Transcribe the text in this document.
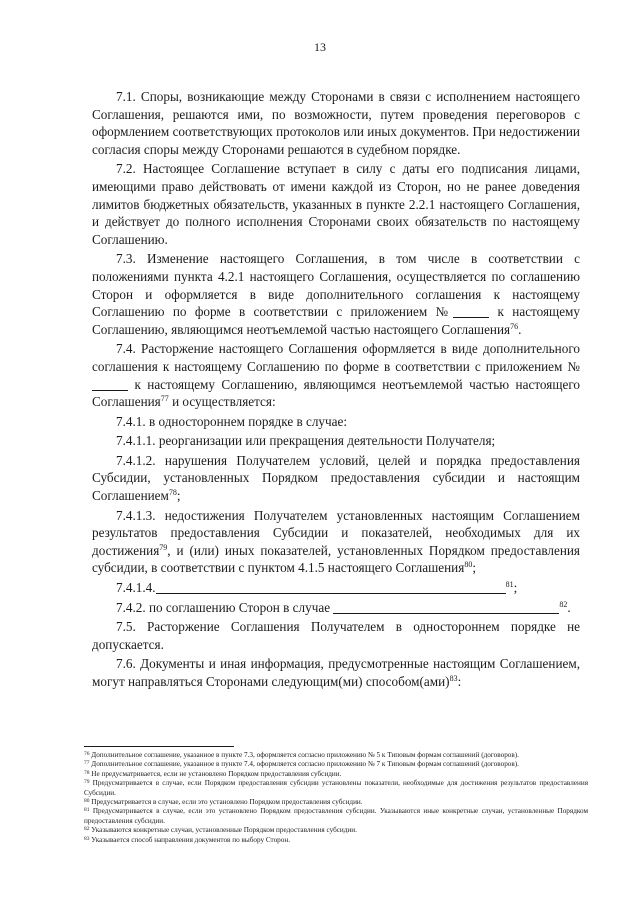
13

7.1. Споры, возникающие между Сторонами в связи с исполнением настоящего Соглашения, решаются ими, по возможности, путем проведения переговоров с оформлением соответствующих протоколов или иных документов. При недостижении согласия споры между Сторонами решаются в судебном порядке.

7.2. Настоящее Соглашение вступает в силу с даты его подписания лицами, имеющими право действовать от имени каждой из Сторон, но не ранее доведения лимитов бюджетных обязательств, указанных в пункте 2.2.1 настоящего Соглашения, и действует до полного исполнения Сторонами своих обязательств по настоящему Соглашению.

7.3. Изменение настоящего Соглашения, в том числе в соответствии с положениями пункта 4.2.1 настоящего Соглашения, осуществляется по соглашению Сторон и оформляется в виде дополнительного соглашения к настоящему Соглашению по форме в соответствии с приложением №	к настоящему Соглашению, являющимся неотъемлемой частью настоящего Соглашения$^{76}$.

7.4. Расторжение настоящего Соглашения оформляется в виде дополнительного соглашения к настоящему Соглашению по форме в соответствии с приложением № к настоящему Соглашению, являющимся неотъемлемой частью настоящего Соглашения$^{77}$ и осуществляется:

7.4.1. в одностороннем порядке в случае:

7.4.1.1. реорганизации или прекращения деятельности Получателя;

7.4.1.2. нарушения Получателем условий, целей и порядка предоставления Субсидии, установленных Порядком предоставления субсидии и настоящим Соглашением$^{78}$;

7.4.1.3. недостижения Получателем установленных настоящим Соглашением результатов предоставления Субсидии и показателей, необходимых для их достижения$^{79}$, и (или) иных показателей, установленных Порядком предоставления субсидии, в соответствии с пунктом 4.1.5 настоящего Соглашения$^{80}$;

7.4.1.4.	$^{81}$;

7.4.2. по соглашению Сторон в случае	$^{82}$.

7.5. Расторжение Соглашения Получателем в одностороннем порядке не допускается.

7.6. Документы и иная информация, предусмотренные настоящим Соглашением, могут направляться Сторонами следующим(ми) способом(ами)$^{83}$:

$^{76}$ Дополнительное соглашение, указанное в пункте 7.3, оформляется согласно приложению № 5 к Типовым формам соглашений (договоров).

$^{77}$ Дополнительное соглашение, указанное в пункте 7.4, оформляется согласно приложению № 7 к Типовым формам соглашений (договоров).

$^{78}$ Не предусматривается, если не установлено Порядком предоставления субсидии.

$^{79}$ Предусматривается в случае, если Порядком предоставления субсидии установлены показатели, необходимые для достижения результатов предоставления Субсидии.

$^{80}$ Предусматривается в случае, если это установлено Порядком предоставления субсидии.

$^{81}$ Предусматривается в случае, если это установлено Порядком предоставления субсидии. Указываются иные конкретные случаи, установленные Порядком предоставления субсидии.

$^{82}$ Указываются конкретные случаи, установленные Порядком предоставления субсидии.

$^{83}$ Указывается способ направления документов по выбору Сторон.
